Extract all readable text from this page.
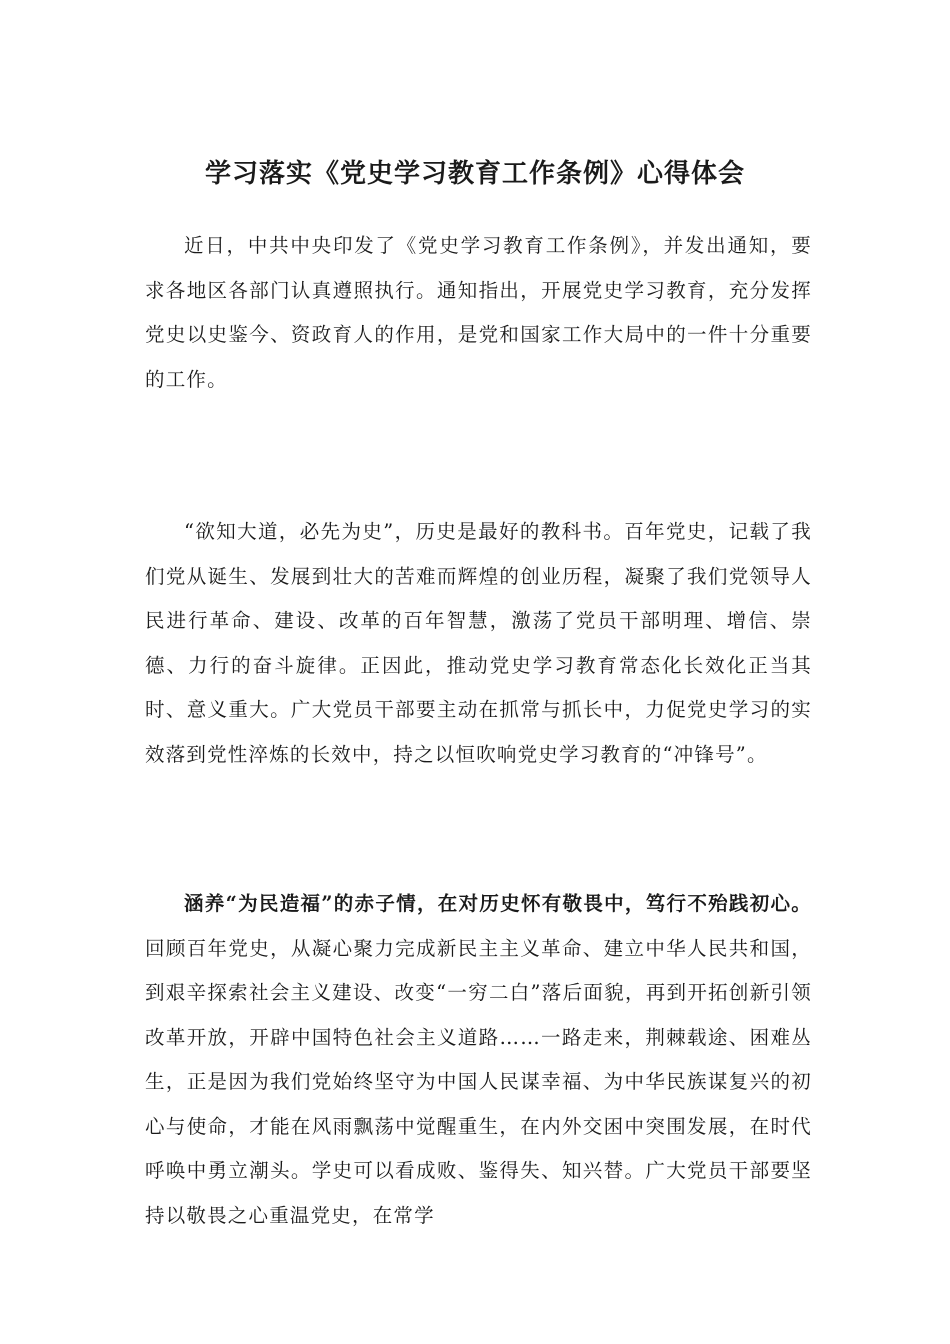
学习落实《党史学习教育工作条例》心得体会

近日，中共中央印发了《党史学习教育工作条例》，并发出通知，要求各地区各部门认真遵照执行。通知指出，开展党史学习教育，充分发挥党史以史鉴今、资政育人的作用，是党和国家工作大局中的一件十分重要的工作。

“欲知大道，必先为史”，历史是最好的教科书。百年党史，记载了我们党从诞生、发展到壮大的苦难而辉煌的创业历程，凝聚了我们党领导人民进行革命、建设、改革的百年智慧，激荡了党员干部明理、增信、崇德、力行的奋斗旋律。正因此，推动党史学习教育常态化长效化正当其时、意义重大。广大党员干部要主动在抓常与抓长中，力促党史学习的实效落到党性淬炼的长效中，持之以恒吹响党史学习教育的“冲锋号”。

涵养“为民造福”的赤子情，在对历史怀有敬畏中，笃行不殆践初心。回顾百年党史，从凝心聚力完成新民主主义革命、建立中华人民共和国，到艰辛探索社会主义建设、改变“一穷二白”落后面貌，再到开拓创新引领改革开放，开辟中国特色社会主义道路……一路走来，荆棘载途、困难丛生，正是因为我们党始终坚守为中国人民谋幸福、为中华民族谋复兴的初心与使命，才能在风雨飘荡中觉醒重生，在内外交困中突围发展，在时代呼唤中勇立潮头。学史可以看成败、鉴得失、知兴替。广大党员干部要坚持以敬畏之心重温党史，在常学
